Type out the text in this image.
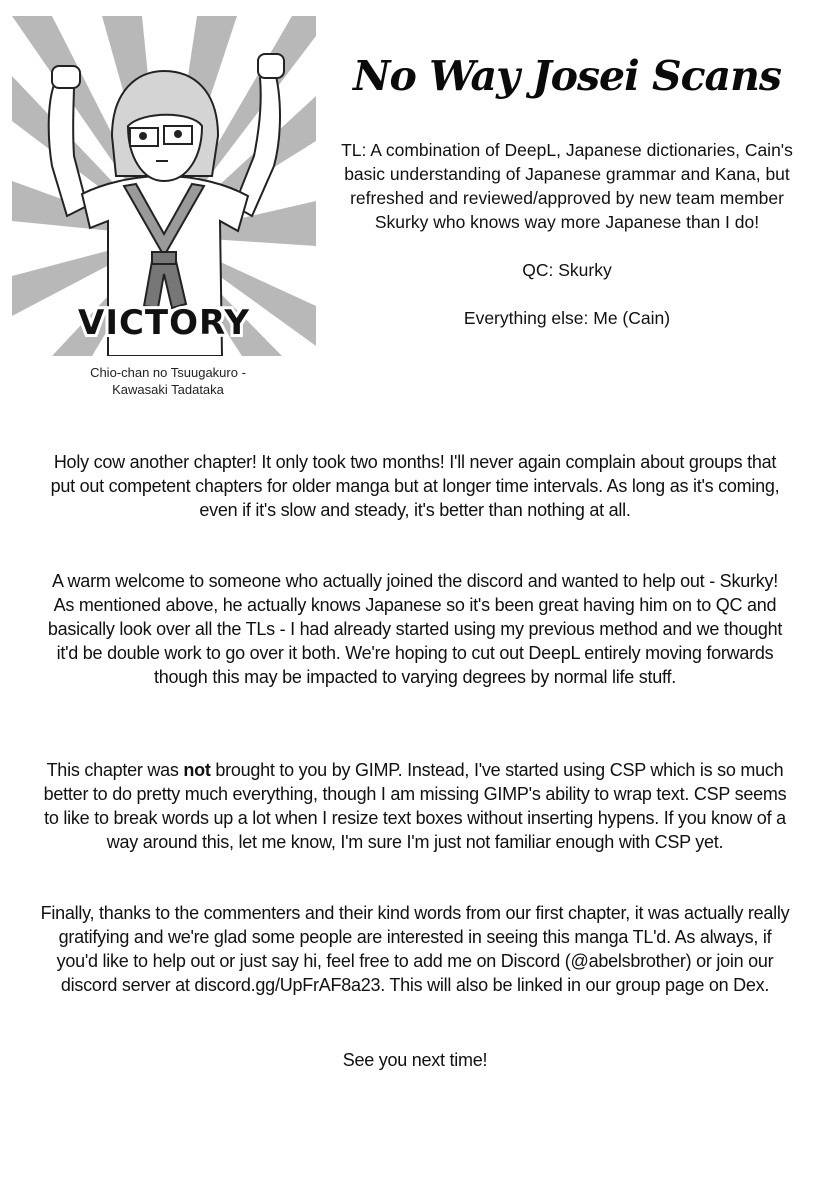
VICTORY
Chio-chan no Tsuugakuro -
Kawasaki Tadataka
No Way Josei Scans

TL: A combination of DeepL, Japanese dictionaries, Cain's basic understanding of Japanese grammar and Kana, but refreshed and reviewed/approved by new team member Skurky who knows way more Japanese than I do!

QC: Skurky

Everything else: Me (Cain)

Holy cow another chapter! It only took two months! I'll never again complain about groups that put out competent chapters for older manga but at longer time intervals. As long as it's coming, even if it's slow and steady, it's better than nothing at all.

A warm welcome to someone who actually joined the discord and wanted to help out - Skurky! As mentioned above, he actually knows Japanese so it's been great having him on to QC and basically look over all the TLs - I had already started using my previous method and we thought it'd be double work to go over it both. We're hoping to cut out DeepL entirely moving forwards though this may be impacted to varying degrees by normal life stuff.

This chapter was not brought to you by GIMP. Instead, I've started using CSP which is so much better to do pretty much everything, though I am missing GIMP's ability to wrap text. CSP seems to like to break words up a lot when I resize text boxes without inserting hypens. If you know of a way around this, let me know, I'm sure I'm just not familiar enough with CSP yet.

Finally, thanks to the commenters and their kind words from our first chapter, it was actually really gratifying and we're glad some people are interested in seeing this manga TL'd. As always, if you'd like to help out or just say hi, feel free to add me on Discord (@abelsbrother) or join our discord server at discord.gg/UpFrAF8a23. This will also be linked in our group page on Dex.

See you next time!
